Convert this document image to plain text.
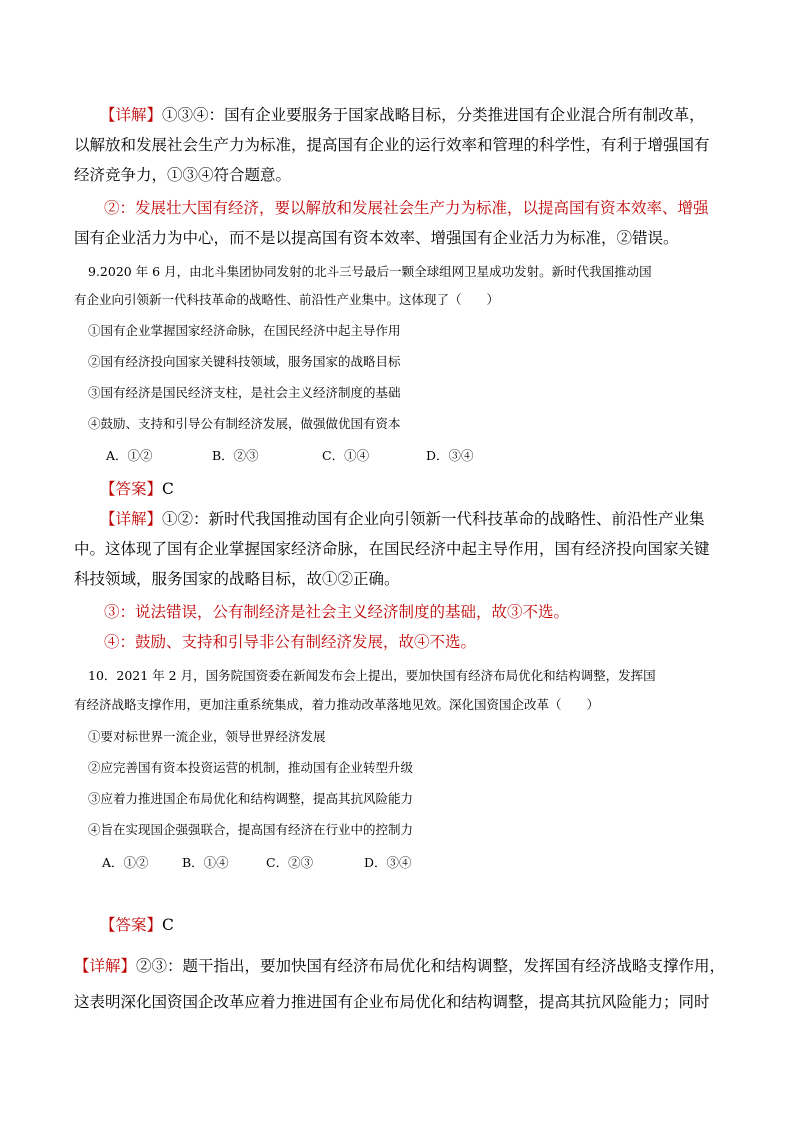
【详解】①③④：国有企业要服务于国家战略目标，分类推进国有企业混合所有制改革，
以解放和发展社会生产力为标准，提高国有企业的运行效率和管理的科学性，有利于增强国有
经济竞争力，①③④符合题意。
②：发展壮大国有经济，要以解放和发展社会生产力为标准，以提高国有资本效率、增强
国有企业活力为中心，而不是以提高国有资本效率、增强国有企业活力为标准，②错误。
9.2020 年 6 月，由北斗集团协同发射的北斗三号最后一颗全球组网卫星成功发射。新时代我国推动国
有企业向引领新一代科技革命的战略性、前沿性产业集中。这体现了（　　）
①国有企业掌握国家经济命脉，在国民经济中起主导作用
②国有经济投向国家关键科技领域，服务国家的战略目标
③国有经济是国民经济支柱，是社会主义经济制度的基础
④鼓励、支持和引导公有制经济发展，做强做优国有资本
A．①②	B．②③	C．①④	D．③④
【答案】C
【详解】①②：新时代我国推动国有企业向引领新一代科技革命的战略性、前沿性产业集
中。这体现了国有企业掌握国家经济命脉，在国民经济中起主导作用，国有经济投向国家关键
科技领域，服务国家的战略目标，故①②正确。
③：说法错误，公有制经济是社会主义经济制度的基础，故③不选。
④：鼓励、支持和引导非公有制经济发展，故④不选。
10．2021 年 2 月，国务院国资委在新闻发布会上提出，要加快国有经济布局优化和结构调整，发挥国
有经济战略支撑作用，更加注重系统集成，着力推动改革落地见效。深化国资国企改革（　　）
①要对标世界一流企业，领导世界经济发展
②应完善国有资本投资运营的机制，推动国有企业转型升级
③应着力推进国企布局优化和结构调整，提高其抗风险能力
④旨在实现国企强强联合，提高国有经济在行业中的控制力
A．①②	B．①④	C．②③	D．③④
【答案】C
【详解】②③：题干指出，要加快国有经济布局优化和结构调整，发挥国有经济战略支撑作用，
这表明深化国资国企改革应着力推进国有企业布局优化和结构调整，提高其抗风险能力；同时
